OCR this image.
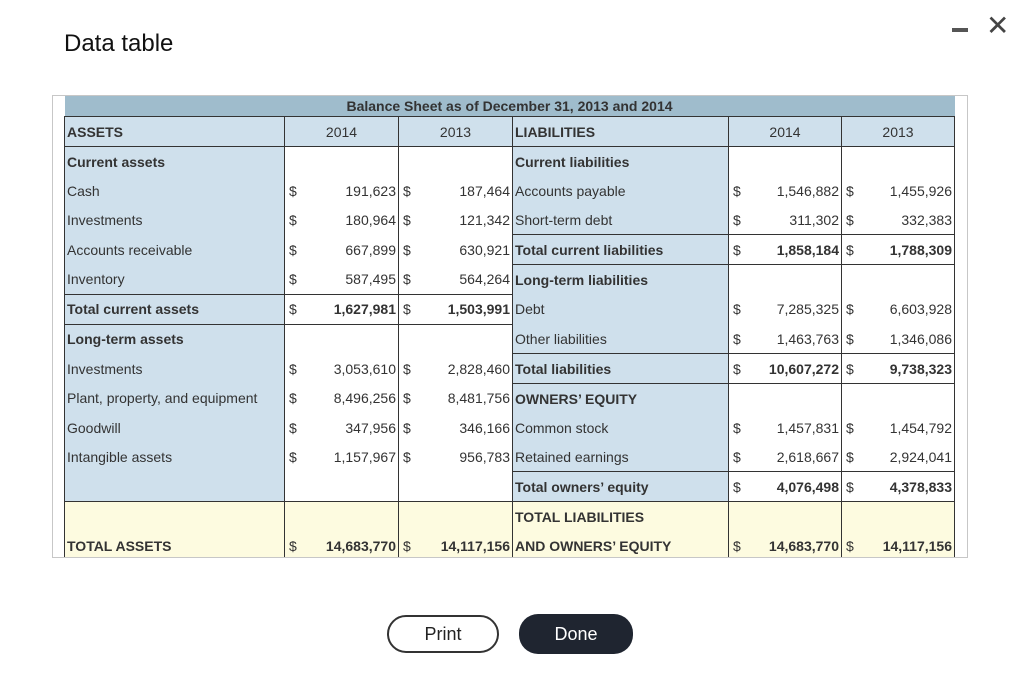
Data table
✕
Balance Sheet as of December 31, 2013 and 2014									
ASSETS	2014		2013		LIABILITIES	2014		2013	
Current assets					Current liabilities				
Cash	$	191,623	$	187,464	Accounts payable	$	1,546,882	$	1,455,926
Investments	$	180,964	$	121,342	Short-term debt	$	311,302	$	332,383
Accounts receivable	$	667,899	$	630,921	Total current liabilities	$	1,858,184	$	1,788,309
Inventory	$	587,495	$	564,264	Long-term liabilities				
Total current assets	$	1,627,981	$	1,503,991	Debt	$	7,285,325	$	6,603,928
Long-term assets					Other liabilities	$	1,463,763	$	1,346,086
Investments	$	3,053,610	$	2,828,460	Total liabilities	$	10,607,272	$	9,738,323
Plant, property, and equipment	$	8,496,256	$	8,481,756	OWNERS’ EQUITY				
Goodwill	$	347,956	$	346,166	Common stock	$	1,457,831	$	1,454,792
Intangible assets	$	1,157,967	$	956,783	Retained earnings	$	2,618,667	$	2,924,041
					Total owners’ equity	$	4,076,498	$	4,378,833
					TOTAL LIABILITIES				
TOTAL ASSETS	$	14,683,770	$	14,117,156	AND OWNERS’ EQUITY	$	14,683,770	$	14,117,156
Print	Done
